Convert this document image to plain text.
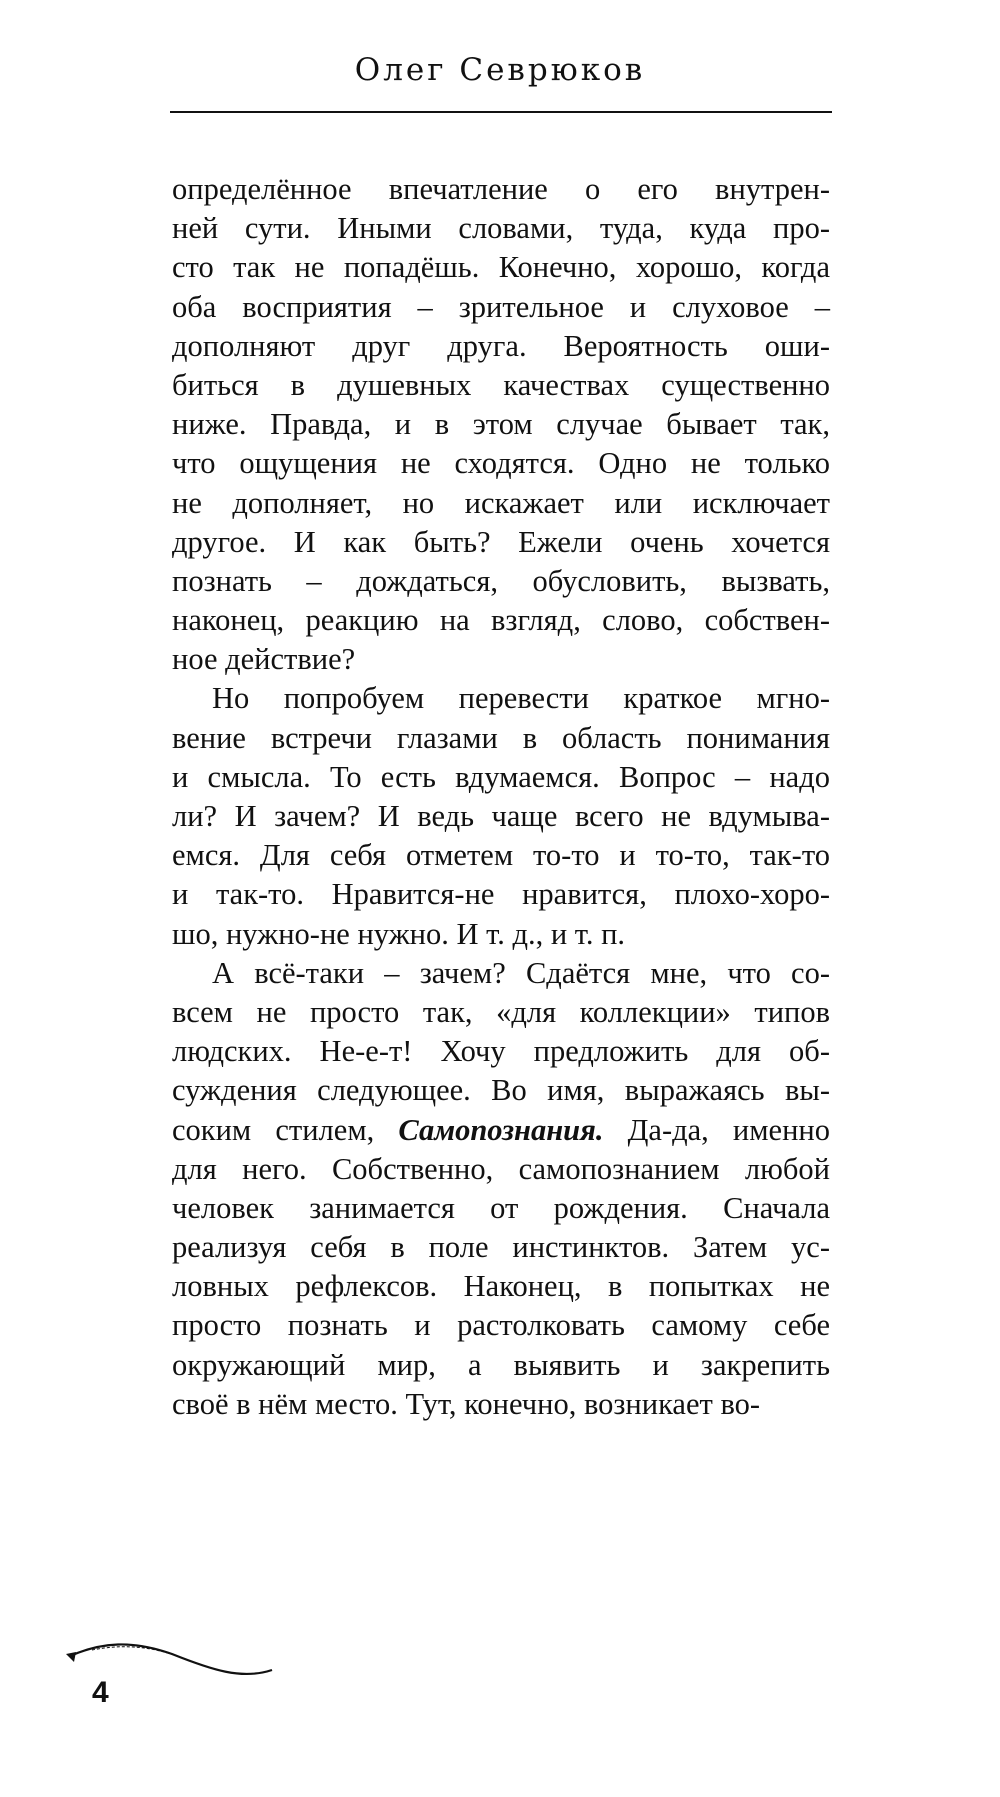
Олег Севрюков
определённое впечатление о его внутрен-
ней сути. Иными словами, туда, куда про-
сто так не попадёшь. Конечно, хорошо, когда
оба восприятия – зрительное и слуховое –
дополняют друг друга. Вероятность оши-
биться в душевных качествах существенно
ниже. Правда, и в этом случае бывает так,
что ощущения не сходятся. Одно не только
не дополняет, но искажает или исключает
другое. И как быть? Ежели очень хочется
познать – дождаться, обусловить, вызвать,
наконец, реакцию на взгляд, слово, собствен-
ное действие?
Но попробуем перевести краткое мгно-
вение встречи глазами в область понимания
и смысла. То есть вдумаемся. Вопрос – надо
ли? И зачем? И ведь чаще всего не вдумыва-
емся. Для себя отметем то-то и то-то, так-то
и так-то. Нравится-не нравится, плохо-хоро-
шо, нужно-не нужно. И т. д., и т. п.
А всё-таки – зачем? Сдаётся мне, что со-
всем не просто так, «для коллекции» типов
людских. Не-е-т! Хочу предложить для об-
суждения следующее. Во имя, выражаясь вы-
соким стилем, Самопознания. Да-да, именно
для него. Собственно, самопознанием любой
человек занимается от рождения. Сначала
реализуя себя в поле инстинктов. Затем ус-
ловных рефлексов. Наконец, в попытках не
просто познать и растолковать самому себе
окружающий мир, а выявить и закрепить
своё в нём место. Тут, конечно, возникает во-
4
